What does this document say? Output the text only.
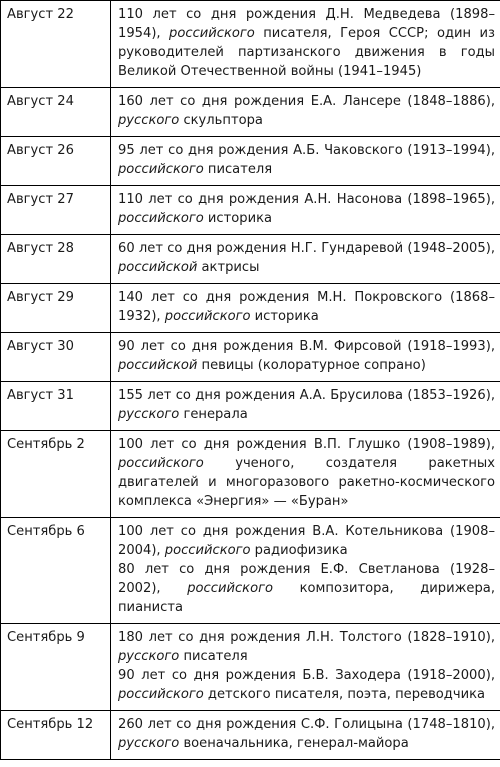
Август 22	110 лет со дня рождения Д.Н. Медведева (1898–1954), российского писателя, Героя СССР; один из руководителей партизанского движения в годы Великой Отечественной войны (1941–1945)

Август 24	160 лет со дня рождения Е.А. Лансере (1848–1886), русского скульптора

Август 26	95 лет со дня рождения А.Б. Чаковского (1913–1994), российского писателя

Август 27	110 лет со дня рождения А.Н. Насонова (1898–1965), российского историка

Август 28	60 лет со дня рождения Н.Г. Гундаревой (1948–2005), российской актрисы

Август 29	140 лет со дня рождения М.Н. Покровского (1868–1932), российского историка

Август 30	90 лет со дня рождения В.М. Фирсовой (1918–1993), российской певицы (колоратурное сопрано)

Август 31	155 лет со дня рождения А.А. Брусилова (1853–1926), русского генерала

Сентябрь 2	100 лет со дня рождения В.П. Глушко (1908–1989), российского ученого, создателя ракетных двигателей и многоразового ракетно-космического комплекса «Энергия» — «Буран»

Сентябрь 6	100 лет со дня рождения В.А. Котельникова (1908–2004), российского радиофизика

80 лет со дня рождения Е.Ф. Светланова (1928–2002), российского композитора, дирижера, пианиста

Сентябрь 9	180 лет со дня рождения Л.Н. Толстого (1828–1910), русского писателя

90 лет со дня рождения Б.В. Заходера (1918–2000), российского детского писателя, поэта, переводчика

Сентябрь 12	260 лет со дня рождения С.Ф. Голицына (1748–1810), русского военачальника, генерал-майора
